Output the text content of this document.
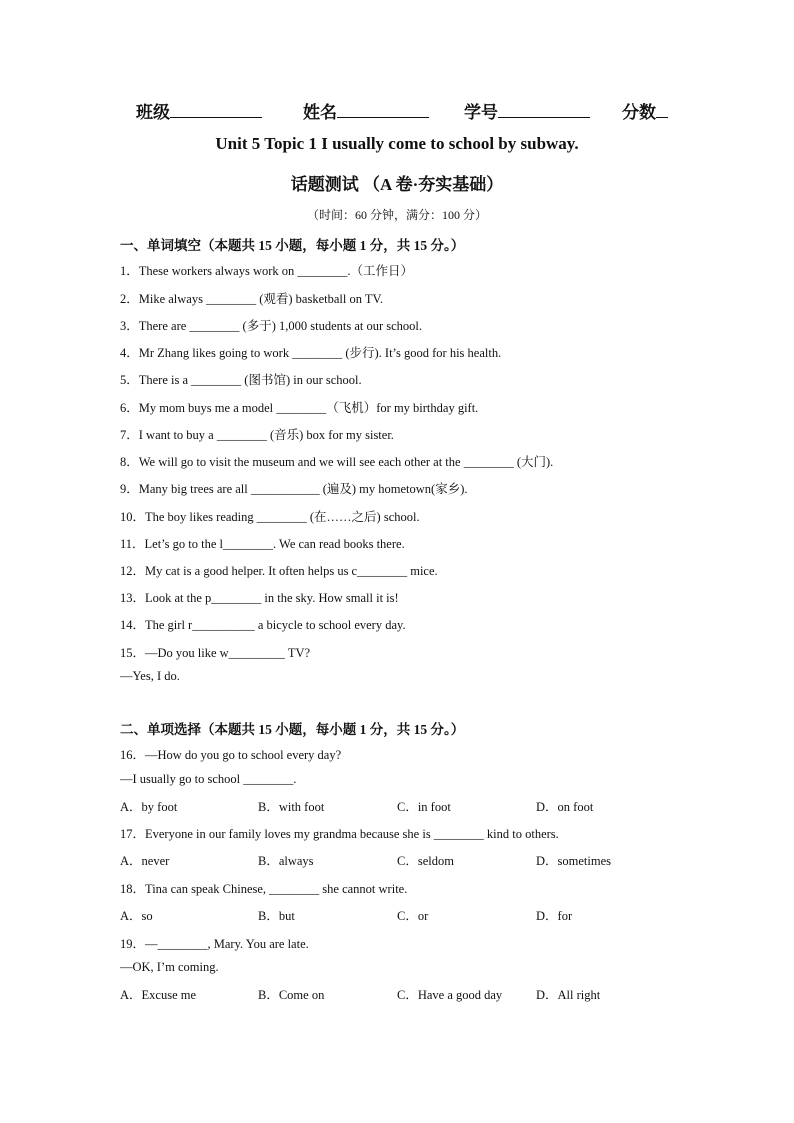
班级	姓名	学号	分数
Unit 5 Topic 1 I usually come to school by subway.
话题测试 （A 卷·夯实基础）
（时间：60 分钟，满分：100 分）
一、单词填空（本题共 15 小题，每小题 1 分，共 15 分。）
1．These workers always work on ________.（工作日）
2．Mike always ________ (观看) basketball on TV.
3．There are ________ (多于) 1,000 students at our school.
4．Mr Zhang likes going to work ________ (步行). It’s good for his health.
5．There is a ________ (图书馆) in our school.
6．My mom buys me a model ________（飞机）for my birthday gift.
7．I want to buy a ________ (音乐) box for my sister.
8．We will go to visit the museum and we will see each other at the ________ (大门).
9．Many big trees are all ___________ (遍及) my hometown(家乡).
10．The boy likes reading ________ (在……之后) school.
11．Let’s go to the l________. We can read books there.
12．My cat is a good helper. It often helps us c________ mice.
13．Look at the p________ in the sky. How small it is!
14．The girl r__________ a bicycle to school every day.
15．—Do you like w_________ TV?
—Yes, I do.
二、单项选择（本题共 15 小题，每小题 1 分，共 15 分。）
16．—How do you go to school every day?
—I usually go to school ________.
A．by foot	B．with foot	C．in foot	D．on foot
17．Everyone in our family loves my grandma because she is ________ kind to others.
A．never	B．always	C．seldom	D．sometimes
18．Tina can speak Chinese, ________ she cannot write.
A．so	B．but	C．or	D．for
19．—________, Mary. You are late.
—OK, I’m coming.
A．Excuse me	B．Come on	C．Have a good day	D．All right
